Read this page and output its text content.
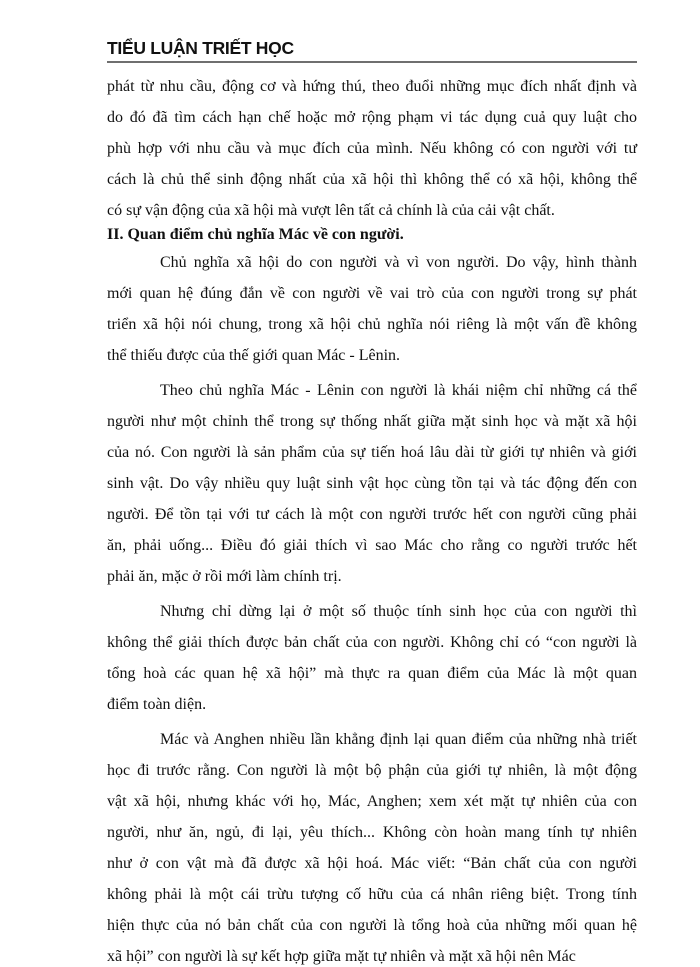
TIỂU LUẬN TRIẾT HỌC
phát từ nhu cầu, động cơ và hứng thú, theo đuổi những mục đích nhất định và
do đó đã tìm cách hạn chế hoặc mở rộng phạm vi tác dụng cuả quy luật cho
phù hợp với nhu cầu và mục đích của mình. Nếu không có con người với tư
cách là chủ thể sinh động nhất của xã hội thì không thể có xã hội, không thể
có sự vận động của xã hội mà vượt lên tất cả chính là của cải vật chất.
II. Quan điểm chủ nghĩa Mác về con người.
Chủ nghĩa xã hội do con người và vì von người. Do vậy, hình thành
mới quan hệ đúng đắn về con người về vai trò của con người trong sự phát
triển xã hội nói chung, trong xã hội chủ nghĩa nói riêng là một vấn đề không
thể thiếu được của thế giới quan Mác - Lênin.
Theo chủ nghĩa Mác - Lênin con người là khái niệm chỉ những cá thể
người như một chỉnh thể trong sự thống nhất giữa mặt sinh học và mặt xã hội
của nó. Con người là sản phẩm của sự tiến hoá lâu dài từ giới tự nhiên và giới
sinh vật. Do vậy nhiều quy luật sinh vật học cùng tồn tại và tác động đến con
người. Để tồn tại với tư cách là một con người trước hết con người cũng phải
ăn, phải uống... Điều đó giải thích vì sao Mác cho rằng co người trước hết
phải ăn, mặc ở rồi mới làm chính trị.
Nhưng chỉ dừng lại ở một số thuộc tính sinh học của con người thì
không thể giải thích được bản chất của con người. Không chỉ có “con người là
tổng hoà các quan hệ xã hội” mà thực ra quan điểm của Mác là một quan
điểm toàn diện.
Mác và Anghen nhiều lần khẳng định lại quan điểm của những nhà triết
học đi trước rằng. Con người là một bộ phận của giới tự nhiên, là một động
vật xã hội, nhưng khác với họ, Mác, Anghen; xem xét mặt tự nhiên của con
người, như ăn, ngủ, đi lại, yêu thích... Không còn hoàn mang tính tự nhiên
như ở con vật mà đã được xã hội hoá. Mác viết: “Bản chất của con người
không phải là một cái trừu tượng cố hữu của cá nhân riêng biệt. Trong tính
hiện thực của nó bản chất của con người là tổng hoà của những mối quan hệ
xã hội” con người là sự kết hợp giữa mặt tự nhiên và mặt xã hội nên Mác
